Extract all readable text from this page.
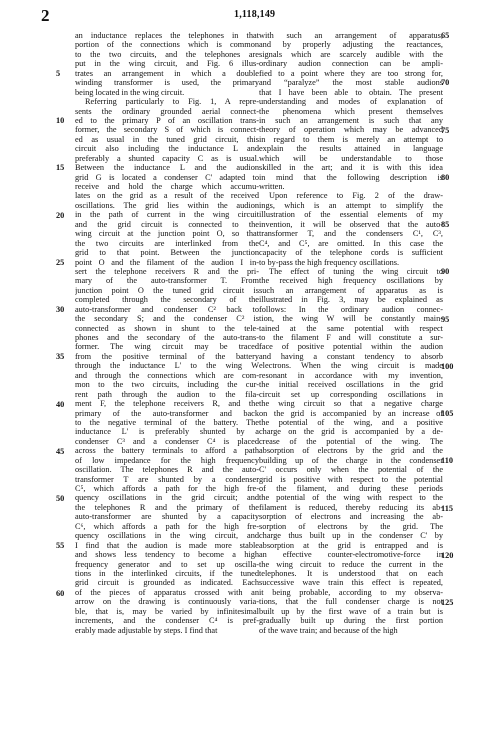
2	1,118,149
an inductance replaces the telephones in that
portion of the connections which is common
to the two circuits, and the telephones are
put in the wing circuit, and Fig. 6 illus-
trates an arrangement in which a double
winding transformer is used, the primary
being located in the wing circuit.
Referring particularly to Fig. 1, A repre-
sents the ordinary grounded aerial connect-
ed to the primary P of an oscillation trans-
former, the secondary S of which is connect-
ed as usual in the tuned grid circuit, this
circuit also including the inductance L and
preferably a shunted capacity C as is usual.
Between the inductance L and the audion
grid G is located a condenser C' adapted to
receive and hold the charge which accumu-
lates on the grid as a result of the received
oscillations. The grid lies within the audion
in the path of current in the wing circuit
and the grid circuit is connected to the
wing circuit at the junction point O, so that
the two circuits are interlinked from the
grid to that point. Between the junction
point O and the filament of the audion I in-
sert the telephone receivers R and the pri-
mary of the auto-transformer T. From
junction point O the tuned grid circuit is
completed through the secondary of the
auto-transformer and condenser C² back to
the secondary S; and the condenser C² is
connected as shown in shunt to the tele-
phones and the secondary of the auto-trans-
former. The wing circuit may be traced
from the positive terminal of the battery
through the inductance L' to the wing W
and through the connections which are com-
mon to the two circuits, including the cur-
rent path through the audion to the fila-
ment F, the telephone receivers R, and the
primary of the auto-transformer and back
to the negative terminal of the battery. The
inductance L' is preferably shunted by a
condenser C³ and a condenser C⁴ is placed
across the battery terminals to afford a path
of low impedance for the high frequency
oscillation. The telephones R and the auto-
transformer T are shunted by a condenser
C⁵, which affords a path for the high fre-
quency oscillations in the grid circuit; and
the telephones R and the primary of the
auto-transformer are shunted by a capacity
C⁶, which affords a path for the high fre-
quency oscillations in the wing circuit, and
I find that the audion is made more stable
and shows less tendency to become a high
frequency generator and to set up oscilla-
tions in the interlinked circuits, if the tuned
grid circuit is grounded as indicated. Each
of the pieces of apparatus crossed with an
arrow on the drawing is continuously varia-
ble, that is, may be varied by infinitesimal
increments, and the condenser C⁴ is pref-
erably made adjustable by steps. I find that
with such an arrangement of apparatus,
and by properly adjusting the reactances,
signals which are scarcely audible with the
ordinary audion connection can be ampli-
fied to a point where they are too strong for,
and “paralyze” the most stable audions
that I have been able to obtain. The present
understanding and modes of explanation of
the phenomena which present themselves
in such an arrangement is such that any
theory of operation which may be advanced
in regard to them is merely an attempt to
explain the results attained in language
which will be understandable to those
skilled in the art; and it is with this idea
in mind that the following description is
written.
Upon reference to Fig. 2 of the draw-
ings, which is an attempt to simplify the
illustration of the essential elements of my
invention, it will be observed that the auto-
transformer T, and the condensers C¹, C³,
C⁴, and C⁵, are omitted. In this case the
capacity of the telephone cords is sufficient
to by-pass the high frequency oscillations.
The effect of tuning the wing circuit to
the received high frequency oscillations by
such an arrangement of apparatus as is
illustrated in Fig. 3, may be explained as
follows: In the ordinary audion connec-
tion, the wing W will be constantly main-
tained at the same potential with respect
to the filament F and will constitute a sur-
face of positive potential within the audion
and having a constant tendency to absorb
electrons. When the wing circuit is made
resonant in accordance with my invention,
the initial received oscillations in the grid
circuit set up corresponding oscillations in
the wing circuit so that a negative charge
on the grid is accompanied by an increase of
the potential of the wing, and a positive
charge on the grid is accompanied by a de-
crease of the potential of the wing. The
absorption of electrons by the grid and the
building up of the charge in the condenser
C' occurs only when the potential of the
grid is positive with respect to the potential
of the filament, and during these periods
the potential of the wing with respect to the
filament is reduced, thereby reducing its ab-
sorption of electrons and increasing the ab-
sorption of electrons by the grid. The
charge thus built up in the condenser C' by
absorption at the grid is entrapped and is
an effective counter-electromotive-force in
the wing circuit to reduce the current in the
telephones. It is understood that on each
successive wave train this effect is repeated,
it being probable, according to my observa-
tions, that the full condenser charge is not
built up by the first wave of a train but is
gradually built up during the first portion
of the wave train; and because of the high
5
10
15
20
25
30
35
40
45
50
55
60
65
70
75
80
85
90
95
100
105
110
115
120
125
